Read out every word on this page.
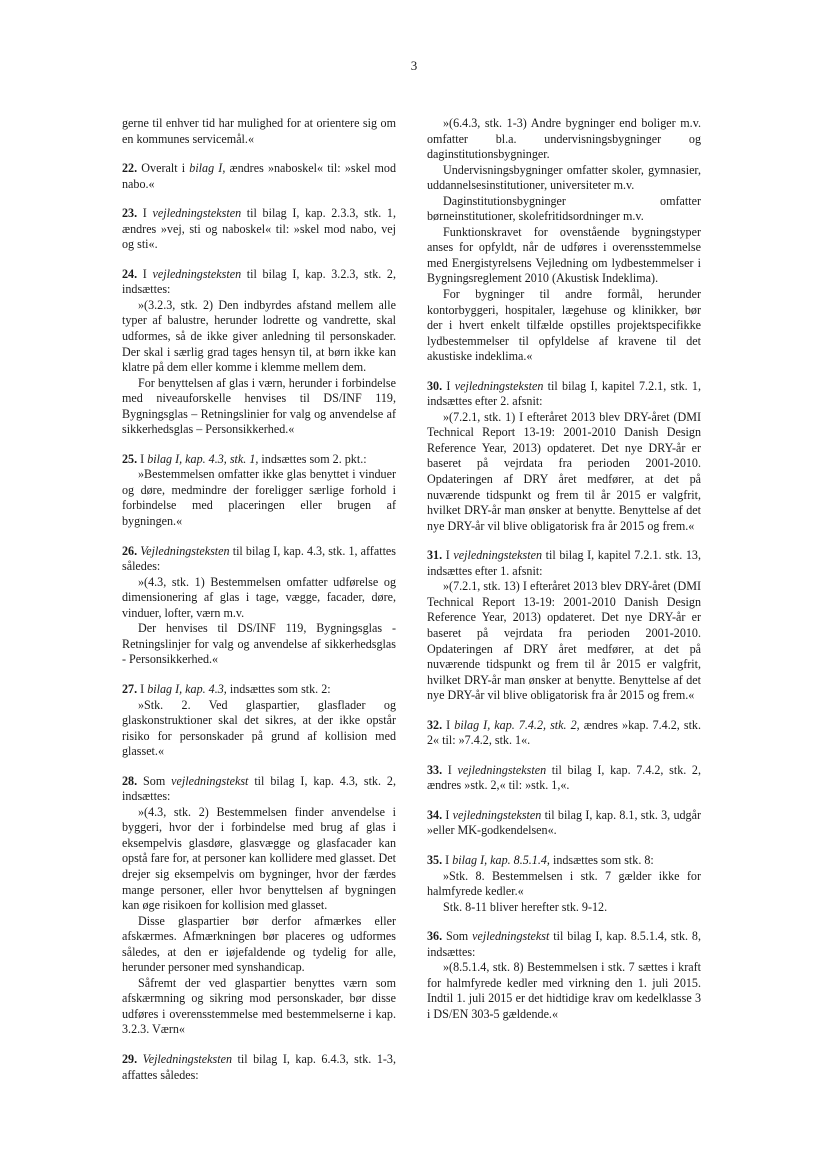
3

gerne til enhver tid har mulighed for at orientere sig om en kommunes servicemål.«

22. Overalt i bilag I, ændres »naboskel« til: »skel mod nabo.«

23. I vejledningsteksten til bilag I, kap. 2.3.3, stk. 1, ændres »vej, sti og naboskel« til: »skel mod nabo, vej og sti«.

24. I vejledningsteksten til bilag I, kap. 3.2.3, stk. 2, indsættes:

»(3.2.3, stk. 2) Den indbyrdes afstand mellem alle typer af balustre, herunder lodrette og vandrette, skal udformes, så de ikke giver anledning til personskader. Der skal i særlig grad tages hensyn til, at børn ikke kan klatre på dem eller komme i klemme mellem dem.

For benyttelsen af glas i værn, herunder i forbindelse med niveauforskelle henvises til DS/INF 119, Bygningsglas – Retningslinier for valg og anvendelse af sikkerhedsglas – Personsikkerhed.«

25. I bilag I, kap. 4.3, stk. 1, indsættes som 2. pkt.:

»Bestemmelsen omfatter ikke glas benyttet i vinduer og døre, medmindre der foreligger særlige forhold i forbindelse med placeringen eller brugen af bygningen.«

26. Vejledningsteksten til bilag I, kap. 4.3, stk. 1, affattes således:

»(4.3, stk. 1) Bestemmelsen omfatter udførelse og dimensionering af glas i tage, vægge, facader, døre, vinduer, lofter, værn m.v.

Der henvises til DS/INF 119, Bygningsglas - Retningslinjer for valg og anvendelse af sikkerhedsglas - Personsikkerhed.«

27. I bilag I, kap. 4.3, indsættes som stk. 2:

»Stk. 2. Ved glaspartier, glasflader og glaskonstruktioner skal det sikres, at der ikke opstår risiko for personskader på grund af kollision med glasset.«

28. Som vejledningstekst til bilag I, kap. 4.3, stk. 2, indsættes:

»(4.3, stk. 2) Bestemmelsen finder anvendelse i byggeri, hvor der i forbindelse med brug af glas i eksempelvis glasdøre, glasvægge og glasfacader kan opstå fare for, at personer kan kollidere med glasset. Det drejer sig eksempelvis om bygninger, hvor der færdes mange personer, eller hvor benyttelsen af bygningen kan øge risikoen for kollision med glasset.

Disse glaspartier bør derfor afmærkes eller afskærmes. Afmærkningen bør placeres og udformes således, at den er iøjefaldende og tydelig for alle, herunder personer med synshandicap.

Såfremt der ved glaspartier benyttes værn som afskærmning og sikring mod personskader, bør disse udføres i overensstemmelse med bestemmelserne i kap. 3.2.3. Værn«

29. Vejledningsteksten til bilag I, kap. 6.4.3, stk. 1-3, affattes således:

»(6.4.3, stk. 1-3) Andre bygninger end boliger m.v. omfatter bl.a. undervisningsbygninger og daginstitutionsbygninger.

Undervisningsbygninger omfatter skoler, gymnasier, uddannelsesinstitutioner, universiteter m.v.

Daginstitutionsbygninger omfatter børneinstitutioner, skolefritidsordninger m.v.

Funktionskravet for ovenstående bygningstyper anses for opfyldt, når de udføres i overensstemmelse med Energistyrelsens Vejledning om lydbestemmelser i Bygningsreglement 2010 (Akustisk Indeklima).

For bygninger til andre formål, herunder kontorbyggeri, hospitaler, lægehuse og klinikker, bør der i hvert enkelt tilfælde opstilles projektspecifikke lydbestemmelser til opfyldelse af kravene til det akustiske indeklima.«

30. I vejledningsteksten til bilag I, kapitel 7.2.1, stk. 1, indsættes efter 2. afsnit:

»(7.2.1, stk. 1) I efteråret 2013 blev DRY-året (DMI Technical Report 13-19: 2001-2010 Danish Design Reference Year, 2013) opdateret. Det nye DRY-år er baseret på vejrdata fra perioden 2001-2010. Opdateringen af DRY året medfører, at det på nuværende tidspunkt og frem til år 2015 er valgfrit, hvilket DRY-år man ønsker at benytte. Benyttelse af det nye DRY-år vil blive obligatorisk fra år 2015 og frem.«

31. I vejledningsteksten til bilag I, kapitel 7.2.1. stk. 13, indsættes efter 1. afsnit:

»(7.2.1, stk. 13) I efteråret 2013 blev DRY-året (DMI Technical Report 13-19: 2001-2010 Danish Design Reference Year, 2013) opdateret. Det nye DRY-år er baseret på vejrdata fra perioden 2001-2010. Opdateringen af DRY året medfører, at det på nuværende tidspunkt og frem til år 2015 er valgfrit, hvilket DRY-år man ønsker at benytte. Benyttelse af det nye DRY-år vil blive obligatorisk fra år 2015 og frem.«

32. I bilag I, kap. 7.4.2, stk. 2, ændres »kap. 7.4.2, stk. 2« til: »7.4.2, stk. 1«.

33. I vejledningsteksten til bilag I, kap. 7.4.2, stk. 2, ændres »stk. 2,« til: »stk. 1,«.

34. I vejledningsteksten til bilag I, kap. 8.1, stk. 3, udgår »eller MK-godkendelsen«.

35. I bilag I, kap. 8.5.1.4, indsættes som stk. 8:

»Stk. 8. Bestemmelsen i stk. 7 gælder ikke for halmfyrede kedler.«

Stk. 8-11 bliver herefter stk. 9-12.

36. Som vejledningstekst til bilag I, kap. 8.5.1.4, stk. 8, indsættes:

»(8.5.1.4, stk. 8) Bestemmelsen i stk. 7 sættes i kraft for halmfyrede kedler med virkning den 1. juli 2015. Indtil 1. juli 2015 er det hidtidige krav om kedelklasse 3 i DS/EN 303-5 gældende.«
